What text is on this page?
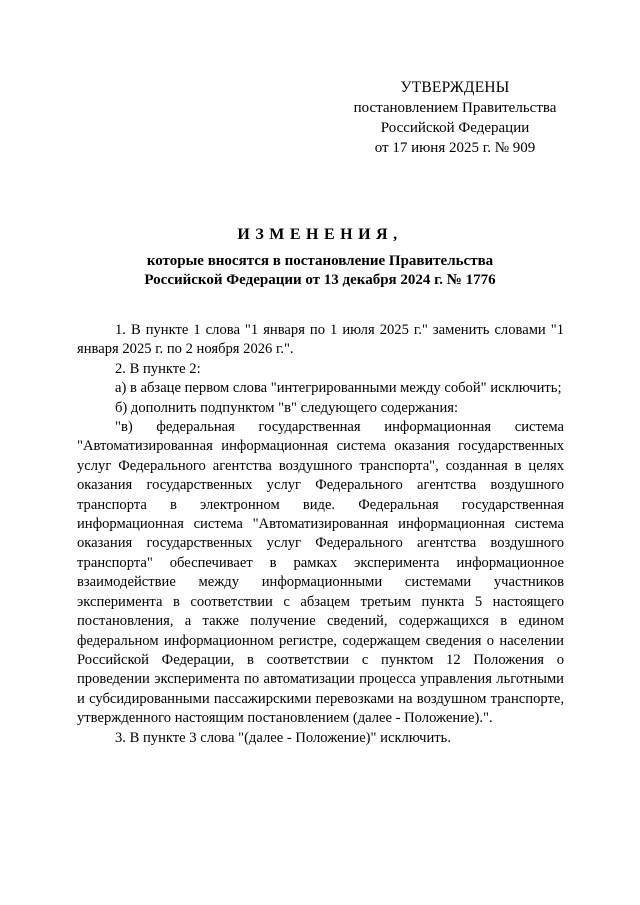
УТВЕРЖДЕНЫ
постановлением Правительства
Российской Федерации
от 17 июня 2025 г. № 909
ИЗМЕНЕНИЯ,
которые вносятся в постановление Правительства
Российской Федерации от 13 декабря 2024 г. № 1776

1. В пункте 1 слова "1 января по 1 июля 2025 г." заменить словами "1 января 2025 г. по 2 ноября 2026 г.".

2. В пункте 2:

а) в абзаце первом слова "интегрированными между собой" исключить;

б) дополнить подпунктом "в" следующего содержания:

"в) федеральная государственная информационная система "Автоматизированная информационная система оказания государственных услуг Федерального агентства воздушного транспорта", созданная в целях оказания государственных услуг Федерального агентства воздушного транспорта в электронном виде. Федеральная государственная информационная система "Автоматизированная информационная система оказания государственных услуг Федерального агентства воздушного транспорта" обеспечивает в рамках эксперимента информационное взаимодействие между информационными системами участников эксперимента в соответствии с абзацем третьим пункта 5 настоящего постановления, а также получение сведений, содержащихся в едином федеральном информационном регистре, содержащем сведения о населении Российской Федерации, в соответствии с пунктом 12 Положения о проведении эксперимента по автоматизации процесса управления льготными и субсидированными пассажирскими перевозками на воздушном транспорте, утвержденного настоящим постановлением (далее - Положение).".

3. В пункте 3 слова "(далее - Положение)" исключить.
